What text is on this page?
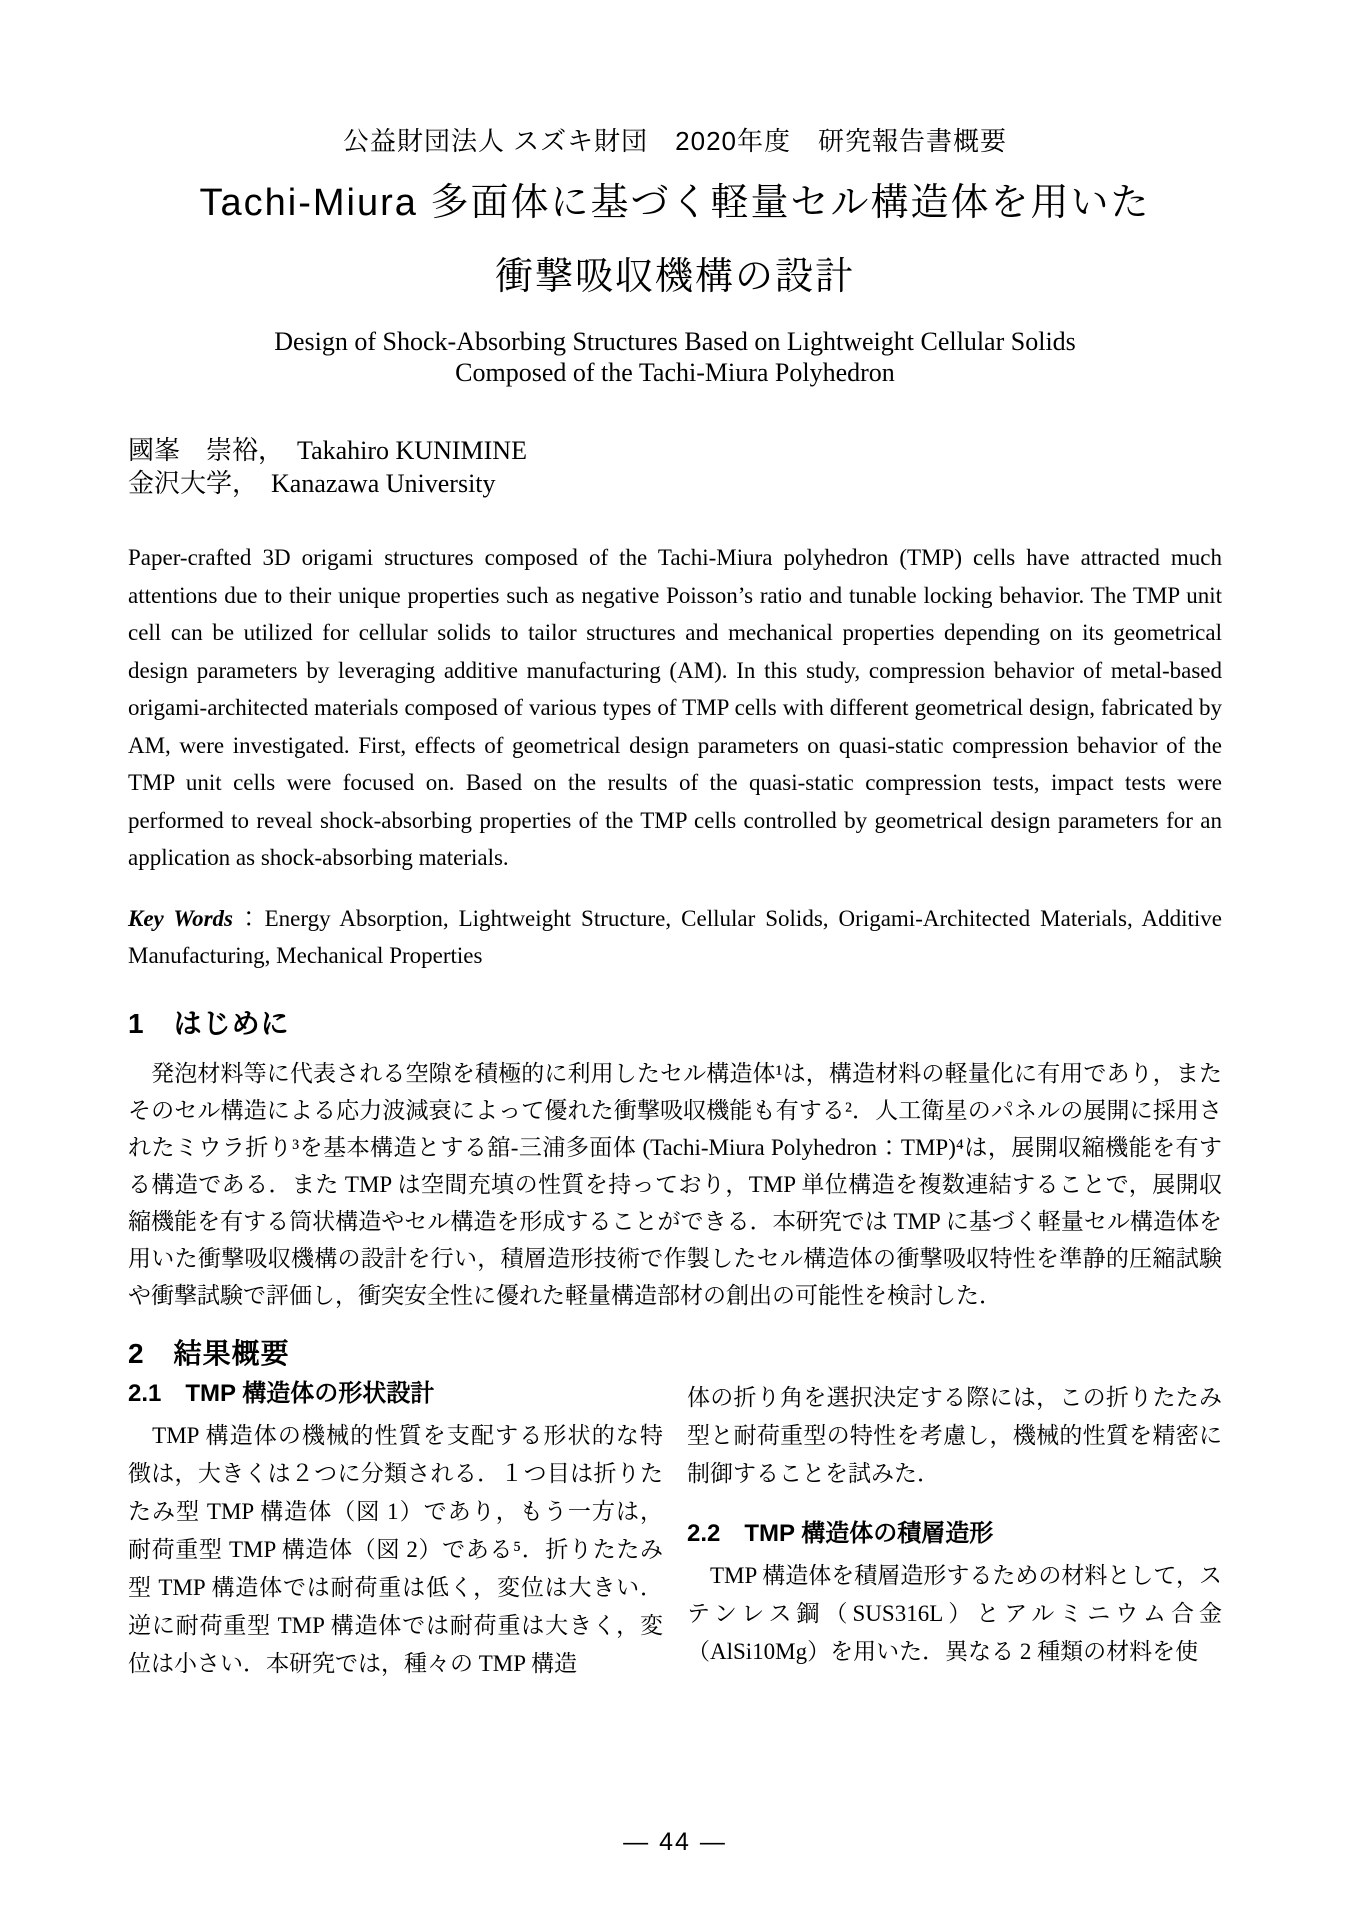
公益財団法人 スズキ財団　2020年度　研究報告書概要
Tachi-Miura 多面体に基づく軽量セル構造体を用いた
衝撃吸収機構の設計
Design of Shock-Absorbing Structures Based on Lightweight Cellular Solids
Composed of the Tachi-Miura Polyhedron
國峯　崇裕，　Takahiro KUNIMINE
金沢大学，　Kanazawa University

Paper-crafted 3D origami structures composed of the Tachi-Miura polyhedron (TMP) cells have attracted much attentions due to their unique properties such as negative Poisson’s ratio and tunable locking behavior. The TMP unit cell can be utilized for cellular solids to tailor structures and mechanical properties depending on its geometrical design parameters by leveraging additive manufacturing (AM). In this study, compression behavior of metal-based origami-architected materials composed of various types of TMP cells with different geometrical design, fabricated by AM, were investigated. First, effects of geometrical design parameters on quasi-static compression behavior of the TMP unit cells were focused on. Based on the results of the quasi-static compression tests, impact tests were performed to reveal shock-absorbing properties of the TMP cells controlled by geometrical design parameters for an application as shock-absorbing materials.

Key Words：Energy Absorption, Lightweight Structure, Cellular Solids, Origami-Architected Materials, Additive Manufacturing, Mechanical Properties

1　はじめに

　発泡材料等に代表される空隙を積極的に利用したセル構造体¹は，構造材料の軽量化に有用であり，またそのセル構造による応力波減衰によって優れた衝撃吸収機能も有する²．人工衛星のパネルの展開に採用されたミウラ折り³を基本構造とする舘-三浦多面体 (Tachi-Miura Polyhedron：TMP)⁴は，展開収縮機能を有する構造である．また TMP は空間充填の性質を持っており，TMP 単位構造を複数連結することで，展開収縮機能を有する筒状構造やセル構造を形成することができる．本研究では TMP に基づく軽量セル構造体を用いた衝撃吸収機構の設計を行い，積層造形技術で作製したセル構造体の衝撃吸収特性を準静的圧縮試験や衝撃試験で評価し，衝突安全性に優れた軽量構造部材の創出の可能性を検討した．

2　結果概要
2.1　TMP 構造体の形状設計

　TMP 構造体の機械的性質を支配する形状的な特徴は，大きくは２つに分類される．１つ目は折りたたみ型 TMP 構造体（図 1）であり，もう一方は，耐荷重型 TMP 構造体（図 2）である⁵．折りたたみ型 TMP 構造体では耐荷重は低く，変位は大きい．逆に耐荷重型 TMP 構造体では耐荷重は大きく，変位は小さい．本研究では，種々の TMP 構造

体の折り角を選択決定する際には，この折りたたみ型と耐荷重型の特性を考慮し，機械的性質を精密に制御することを試みた．

2.2　TMP 構造体の積層造形

　TMP 構造体を積層造形するための材料として，ステンレス鋼（SUS316L）とアルミニウム合金（AlSi10Mg）を用いた．異なる 2 種類の材料を使

― 44 ―
